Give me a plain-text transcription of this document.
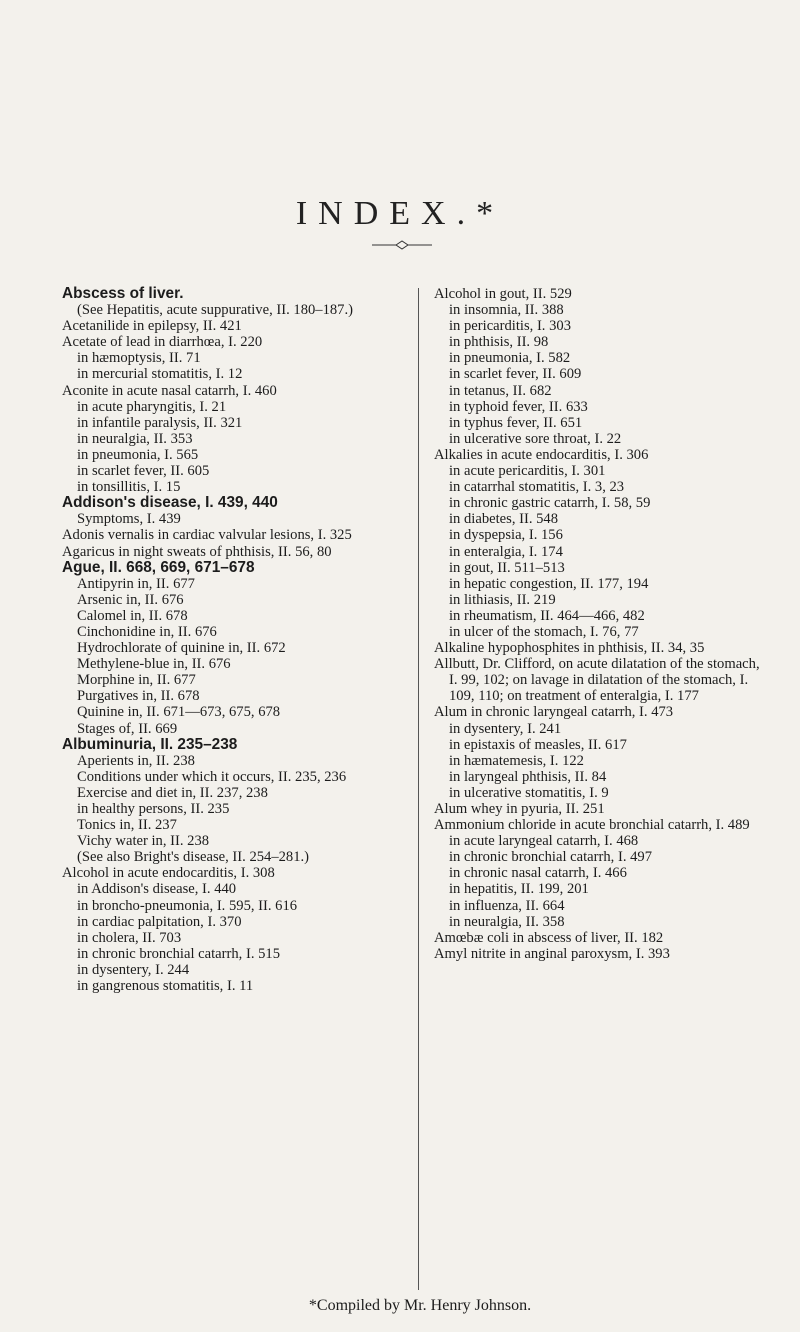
INDEX.*
Abscess of liver.
(See Hepatitis, acute suppurative, II. 180–187.)
Acetanilide in epilepsy, II. 421
Acetate of lead in diarrhœa, I. 220
in hæmoptysis, II. 71
in mercurial stomatitis, I. 12
Aconite in acute nasal catarrh, I. 460
in acute pharyngitis, I. 21
in infantile paralysis, II. 321
in neuralgia, II. 353
in pneumonia, I. 565
in scarlet fever, II. 605
in tonsillitis, I. 15
Addison's disease, I. 439, 440
Symptoms, I. 439
Adonis vernalis in cardiac valvular lesions, I. 325
Agaricus in night sweats of phthisis, II. 56, 80
Ague, II. 668, 669, 671–678
Antipyrin in, II. 677
Arsenic in, II. 676
Calomel in, II. 678
Cinchonidine in, II. 676
Hydrochlorate of quinine in, II. 672
Methylene-blue in, II. 676
Morphine in, II. 677
Purgatives in, II. 678
Quinine in, II. 671—673, 675, 678
Stages of, II. 669
Albuminuria, II. 235–238
Aperients in, II. 238
Conditions under which it occurs, II. 235, 236
Exercise and diet in, II. 237, 238
in healthy persons, II. 235
Tonics in, II. 237
Vichy water in, II. 238
(See also Bright's disease, II. 254–281.)
Alcohol in acute endocarditis, I. 308
in Addison's disease, I. 440
in broncho-pneumonia, I. 595, II. 616
in cardiac palpitation, I. 370
in cholera, II. 703
in chronic bronchial catarrh, I. 515
in dysentery, I. 244
in gangrenous stomatitis, I. 11
Alcohol in gout, II. 529
in insomnia, II. 388
in pericarditis, I. 303
in phthisis, II. 98
in pneumonia, I. 582
in scarlet fever, II. 609
in tetanus, II. 682
in typhoid fever, II. 633
in typhus fever, II. 651
in ulcerative sore throat, I. 22
Alkalies in acute endocarditis, I. 306
in acute pericarditis, I. 301
in catarrhal stomatitis, I. 3, 23
in chronic gastric catarrh, I. 58, 59
in diabetes, II. 548
in dyspepsia, I. 156
in enteralgia, I. 174
in gout, II. 511–513
in hepatic congestion, II. 177, 194
in lithiasis, II. 219
in rheumatism, II. 464—466, 482
in ulcer of the stomach, I. 76, 77
Alkaline hypophosphites in phthisis, II. 34, 35
Allbutt, Dr. Clifford, on acute dilatation of the stomach, I. 99, 102; on lavage in dilatation of the stomach, I. 109, 110; on treatment of enteralgia, I. 177
Alum in chronic laryngeal catarrh, I. 473
in dysentery, I. 241
in epistaxis of measles, II. 617
in hæmatemesis, I. 122
in laryngeal phthisis, II. 84
in ulcerative stomatitis, I. 9
Alum whey in pyuria, II. 251
Ammonium chloride in acute bronchial catarrh, I. 489
in acute laryngeal catarrh, I. 468
in chronic bronchial catarrh, I. 497
in chronic nasal catarrh, I. 466
in hepatitis, II. 199, 201
in influenza, II. 664
in neuralgia, II. 358
Amœbæ coli in abscess of liver, II. 182
Amyl nitrite in anginal paroxysm, I. 393
*Compiled by Mr. Henry Johnson.
